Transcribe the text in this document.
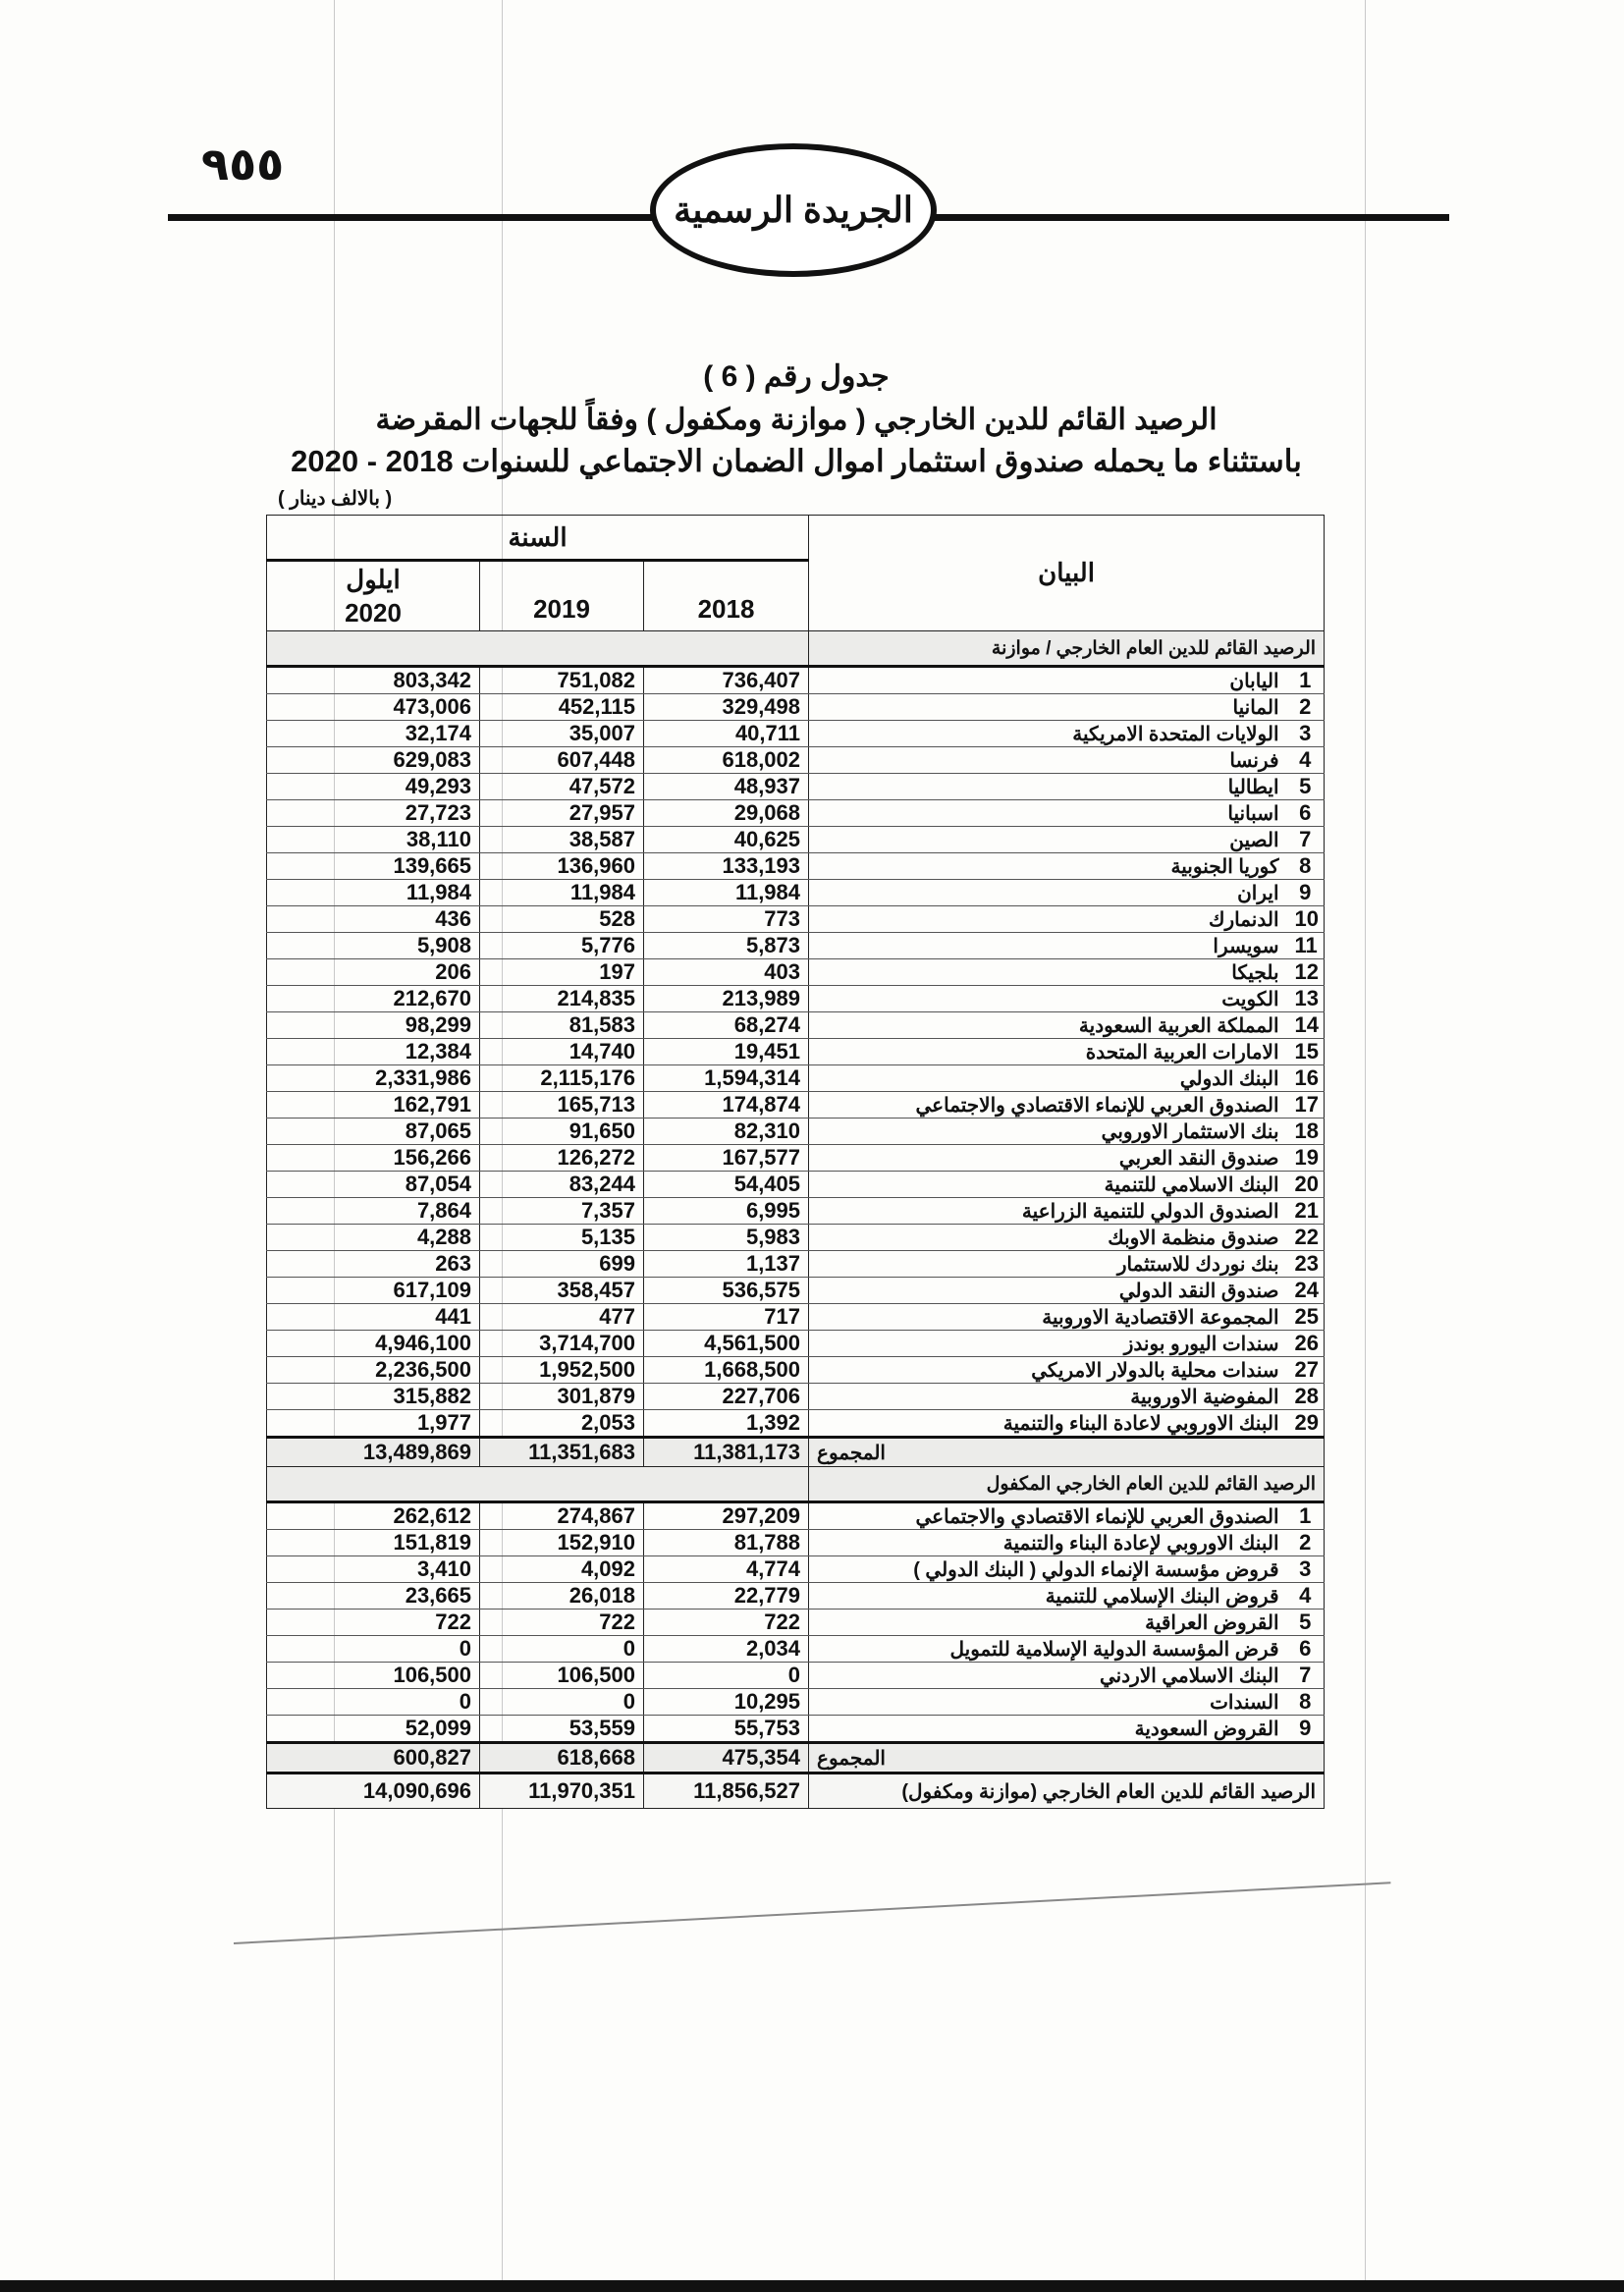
٩٥٥
الجريدة الرسمية
جدول رقم ( 6 )
الرصيد القائم للدين الخارجي ( موازنة ومكفول ) وفقاً للجهات المقرضة
باستثناء ما يحمله صندوق استثمار اموال الضمان الاجتماعي للسنوات 2018 - 2020
( بالالف دينار )
السنة			البيان	

ايلول
2020	2019	2018		
			الرصيد القائم للدين العام الخارجي / موازنة	
803,342	751,082	736,407	اليابان	1
473,006	452,115	329,498	المانيا	2
32,174	35,007	40,711	الولايات المتحدة الامريكية	3
629,083	607,448	618,002	فرنسا	4
49,293	47,572	48,937	ايطاليا	5
27,723	27,957	29,068	اسبانيا	6
38,110	38,587	40,625	الصين	7
139,665	136,960	133,193	كوريا الجنوبية	8
11,984	11,984	11,984	ايران	9
436	528	773	الدنمارك	10
5,908	5,776	5,873	سويسرا	11
206	197	403	بلجيكا	12
212,670	214,835	213,989	الكويت	13
98,299	81,583	68,274	المملكة العربية السعودية	14
12,384	14,740	19,451	الامارات العربية المتحدة	15
2,331,986	2,115,176	1,594,314	البنك الدولي	16
162,791	165,713	174,874	الصندوق العربي للإنماء الاقتصادي والاجتماعي	17
87,065	91,650	82,310	بنك الاستثمار الاوروبي	18
156,266	126,272	167,577	صندوق النقد العربي	19
87,054	83,244	54,405	البنك الاسلامي للتنمية	20
7,864	7,357	6,995	الصندوق الدولي للتنمية الزراعية	21
4,288	5,135	5,983	صندوق منظمة الاوبك	22
263	699	1,137	بنك نوردك للاستثمار	23
617,109	358,457	536,575	صندوق النقد الدولي	24
441	477	717	المجموعة الاقتصادية الاوروبية	25
4,946,100	3,714,700	4,561,500	سندات اليورو بوندز	26
2,236,500	1,952,500	1,668,500	سندات محلية بالدولار الامريكي	27
315,882	301,879	227,706	المفوضية الاوروبية	28
1,977	2,053	1,392	البنك الاوروبي لاعادة البناء والتنمية	29
13,489,869	11,351,683	11,381,173	المجموع	
			الرصيد القائم للدين العام الخارجي المكفول	
262,612	274,867	297,209	الصندوق العربي للإنماء الاقتصادي والاجتماعي	1
151,819	152,910	81,788	البنك الاوروبي لإعادة البناء والتنمية	2
3,410	4,092	4,774	قروض مؤسسة الإنماء الدولي ( البنك الدولي )	3
23,665	26,018	22,779	قروض البنك الإسلامي للتنمية	4
722	722	722	القروض العراقية	5
0	0	2,034	قرض المؤسسة الدولية الإسلامية للتمويل	6
106,500	106,500	0	البنك الاسلامي الاردني	7
0	0	10,295	السندات	8
52,099	53,559	55,753	القروض السعودية	9
600,827	618,668	475,354	المجموع	
14,090,696	11,970,351	11,856,527	الرصيد القائم للدين العام الخارجي (موازنة ومكفول)	
